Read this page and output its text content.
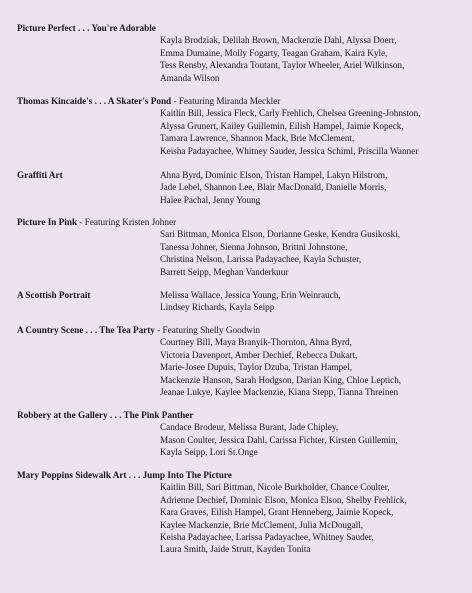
Picture Perfect . . . You're Adorable
Kayla Brodziak, Delilah Brown, Mackenzie Dahl, Alyssa Doerr,
Emma Dumaine, Molly Fogarty, Teagan Graham, Kaira Kyle,
Tess Rensby, Alexandra Toutant, Taylor Wheeler, Ariel Wilkinson,
Amanda Wilson
Thomas Kincaide's . . . A Skater's Pond - Featuring Miranda Meckler
Kaitlin Bill, Jessica Fleck, Carly Frehlich, Chelsea Greening-Johnston,
Alyssa Grunert, Kailey Guillemin, Eilish Hampel, Jaimie Kopeck,
Tamara Lawrence, Shannon Mack, Brie McClement,
Keisha Padayachee, Whitney Sauder, Jessica Schiml, Priscilla Wanner
Graffiti Art	Ahna Byrd, Dominic Elson, Tristan Hampel, Lakyn Hilstrom,
Jade Lebel, Shannon Lee, Blair MacDonald, Danielle Morris,
Halee Pachal, Jenny Young
Picture In Pink - Featuring Kristen Johner
Sari Bittman, Monica Elson, Dorianne Geske, Kendra Gusikoski,
Tanessa Johner, Sienna Johnson, Brittni Johnstone,
Christina Nelson, Larissa Padayachee, Kayla Schuster,
Barrett Seipp, Meghan Vanderkuur
A Scottish Portrait	Melissa Wallace, Jessica Young, Erin Weinrauch,
Lindsey Richards, Kayla Seipp
A Country Scene . . . The Tea Party - Featuring Shelly Goodwin
Courtney Bill, Maya Branyik-Thornton, Ahna Byrd,
Victoria Davenport, Amber Dechief, Rebecca Dukart,
Marie-Josee Dupuis, Taylor Dzuba, Tristan Hampel,
Mackenzie Hanson, Sarah Hodgson, Darian King, Chloe Leptich,
Jeanae Lukye, Kaylee Mackenzie, Kiana Stepp, Tianna Threinen
Robbery at the Gallery . . . The Pink Panther
Candace Brodeur, Melissa Burant, Jade Chipley,
Mason Coulter, Jessica Dahl, Carissa Fichter, Kirsten Guillemin,
Kayla Seipp, Lori St.Onge
Mary Poppins Sidewalk Art . . . Jump Into The Picture
Kaitlin Bill, Sari Bittman, Nicole Burkholder, Chance Coulter,
Adrienne Dechief, Dominic Elson, Monica Elson, Shelby Frehlick,
Kara Graves, Eilish Hampel, Grant Henneberg, Jaimie Kopeck,
Kaylee Mackenzie, Brie McClement, Julia McDougall,
Keisha Padayachee, Larissa Padayachee, Whitney Sauder,
Laura Smith, Jaide Strutt, Kayden Tonita
